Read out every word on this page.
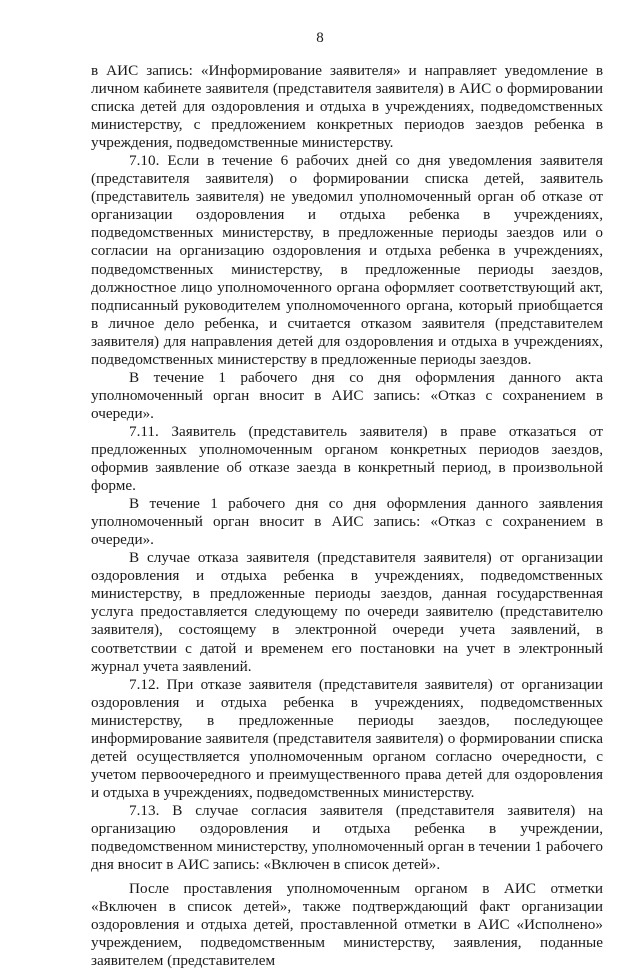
8

в АИС запись: «Информирование заявителя» и направляет уведомление в личном кабинете заявителя (представителя заявителя) в АИС о формировании списка детей для оздоровления и отдыха в учреждениях, подведомственных министерству, с предложением конкретных периодов заездов ребенка в учреждения, подведомственные министерству.

7.10. Если в течение 6 рабочих дней со дня уведомления заявителя (представителя заявителя) о формировании списка детей, заявитель (представитель заявителя) не уведомил уполномоченный орган об отказе от организации оздоровления и отдыха ребенка в учреждениях, подведомственных министерству, в предложенные периоды заездов или о согласии на организацию оздоровления и отдыха ребенка в учреждениях, подведомственных министерству, в предложенные периоды заездов, должностное лицо уполномоченного органа оформляет соответствующий акт, подписанный руководителем уполномоченного органа, который приобщается в личное дело ребенка, и считается отказом заявителя (представителем заявителя) для направления детей для оздоровления и отдыха в учреждениях, подведомственных министерству в предложенные периоды заездов.

В течение 1 рабочего дня со дня оформления данного акта уполномоченный орган вносит в АИС запись: «Отказ с сохранением в очереди».

7.11. Заявитель (представитель заявителя) в праве отказаться от предложенных уполномоченным органом конкретных периодов заездов, оформив заявление об отказе заезда в конкретный период, в произвольной форме.

В течение 1 рабочего дня со дня оформления данного заявления уполномоченный орган вносит в АИС запись: «Отказ с сохранением в очереди».

В случае отказа заявителя (представителя заявителя) от организации оздоровления и отдыха ребенка в учреждениях, подведомственных министерству, в предложенные периоды заездов, данная государственная услуга предоставляется следующему по очереди заявителю (представителю заявителя), состоящему в электронной очереди учета заявлений, в соответствии с датой и временем его постановки на учет в электронный журнал учета заявлений.

7.12. При отказе заявителя (представителя заявителя) от организации оздоровления и отдыха ребенка в учреждениях, подведомственных министерству, в предложенные периоды заездов, последующее информирование заявителя (представителя заявителя) о формировании списка детей осуществляется уполномоченным органом согласно очередности, с учетом первоочередного и преимущественного права детей для оздоровления и отдыха в учреждениях, подведомственных министерству.

7.13. В случае согласия заявителя (представителя заявителя) на организацию оздоровления и отдыха ребенка в учреждении, подведомственном министерству, уполномоченный орган в течении 1 рабочего дня вносит в АИС запись: «Включен в список детей».

После проставления уполномоченным органом в АИС отметки «Включен в список детей», также подтверждающий факт организации оздоровления и отдыха детей, проставленной отметки в АИС «Исполнено» учреждением, подведомственным министерству, заявления, поданные заявителем (представителем
